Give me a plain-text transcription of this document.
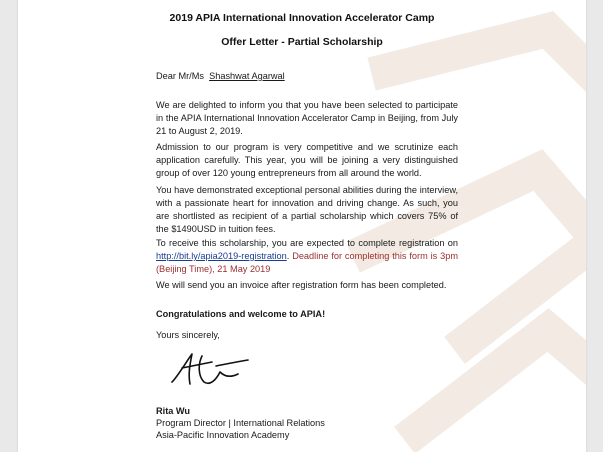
2019 APIA International Innovation Accelerator Camp
Offer Letter - Partial Scholarship

Dear Mr/Ms Shashwat Agarwal

We are delighted to inform you that you have been selected to participate in the APIA International Innovation Accelerator Camp in Beijing, from July 21 to August 2, 2019.

Admission to our program is very competitive and we scrutinize each application carefully. This year, you will be joining a very distinguished group of over 120 young entrepreneurs from all around the world.

You have demonstrated exceptional personal abilities during the interview, with a passionate heart for innovation and driving change. As such, you are shortlisted as recipient of a partial scholarship which covers 75% of the $1490USD in tuition fees.

To receive this scholarship, you are expected to complete registration on http://bit.ly/apia2019-registration. Deadline for completing this form is 3pm (Beijing Time), 21 May 2019

We will send you an invoice after registration form has been completed.

Congratulations and welcome to APIA!

Yours sincerely,

Rita Wu

Program Director | International Relations

Asia-Pacific Innovation Academy
